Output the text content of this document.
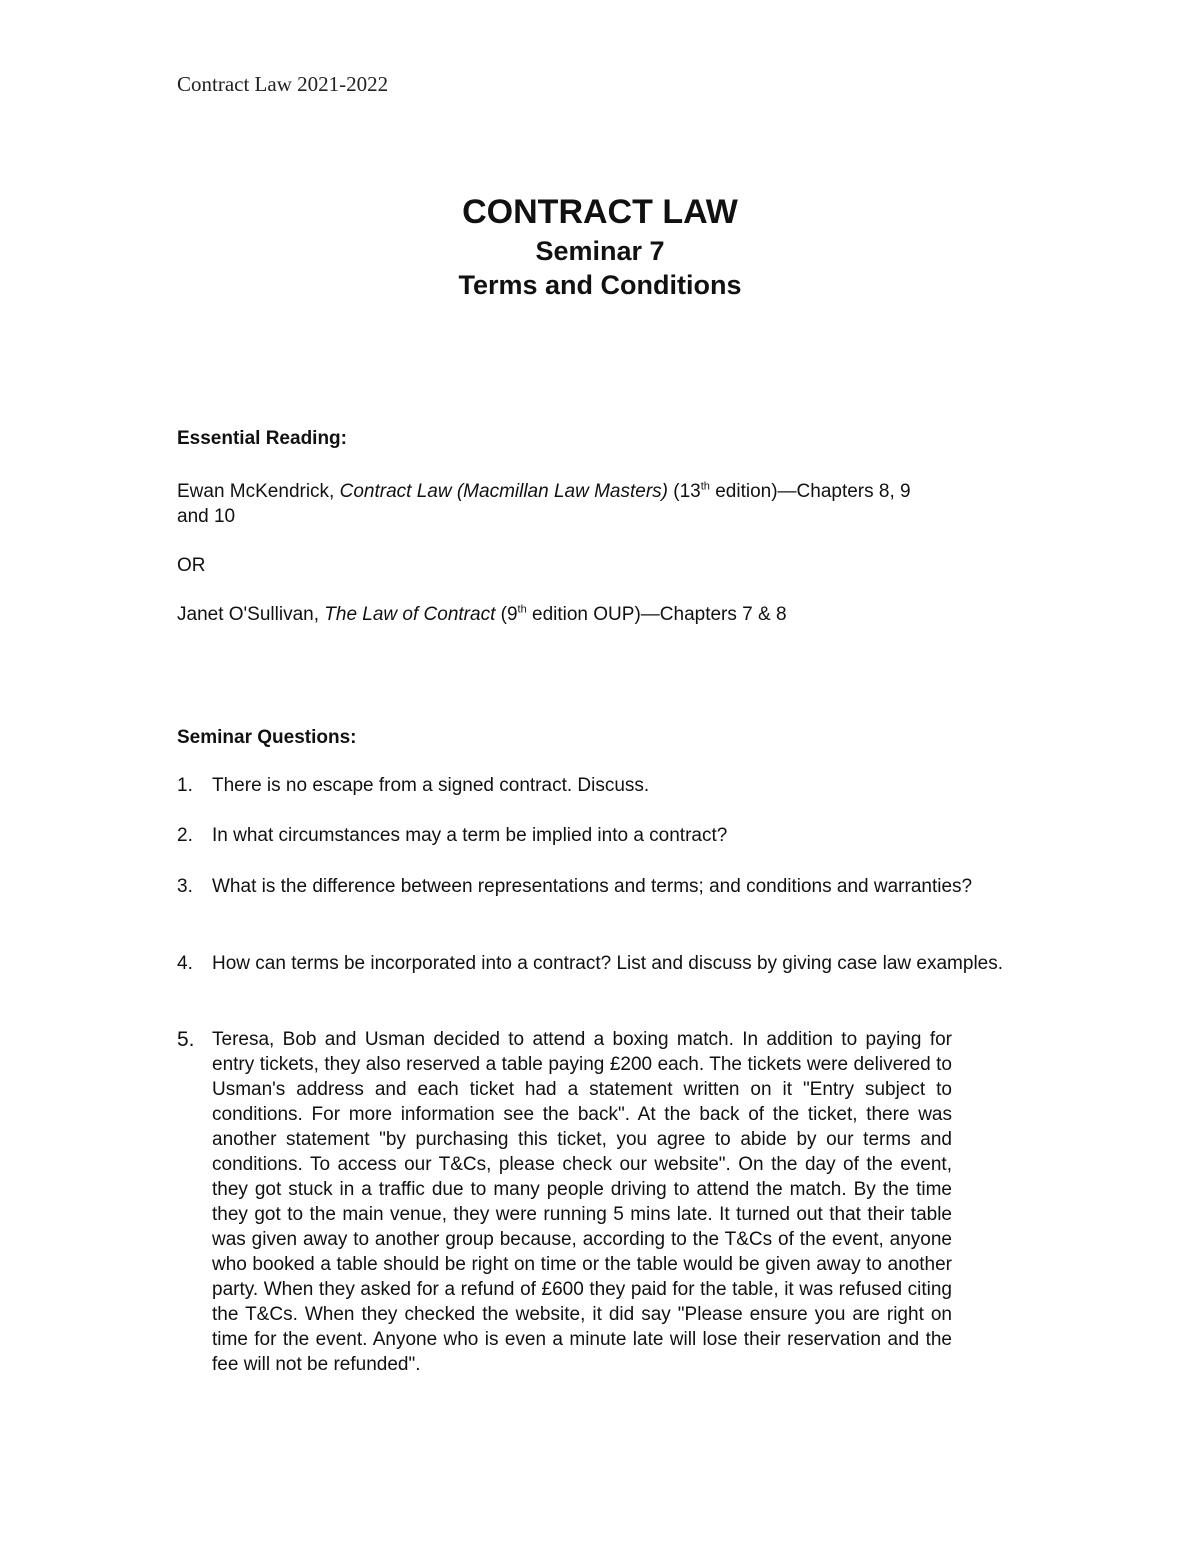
Contract Law 2021-2022
CONTRACT LAW
Seminar 7
Terms and Conditions
Essential Reading:
Ewan McKendrick, Contract Law (Macmillan Law Masters) (13th edition)—Chapters 8, 9
and 10
OR
Janet O'Sullivan, The Law of Contract (9th edition OUP)—Chapters 7 & 8
Seminar Questions:
1.	There is no escape from a signed contract. Discuss.
2.	In what circumstances may a term be implied into a contract?
3.	What is the difference between representations and terms; and conditions and warranties?
4.	How can terms be incorporated into a contract? List and discuss by giving case law examples.
5. Teresa, Bob and Usman decided to attend a boxing match. In addition to paying for entry tickets, they also reserved a table paying £200 each. The tickets were delivered to Usman's address and each ticket had a statement written on it "Entry subject to conditions. For more information see the back". At the back of the ticket, there was another statement "by purchasing this ticket, you agree to abide by our terms and conditions. To access our T&Cs, please check our website". On the day of the event, they got stuck in a traffic due to many people driving to attend the match. By the time they got to the main venue, they were running 5 mins late. It turned out that their table was given away to another group because, according to the T&Cs of the event, anyone who booked a table should be right on time or the table would be given away to another party. When they asked for a refund of £600 they paid for the table, it was refused citing the T&Cs. When they checked the website, it did say "Please ensure you are right on time for the event. Anyone who is even a minute late will lose their reservation and the fee will not be refunded".
